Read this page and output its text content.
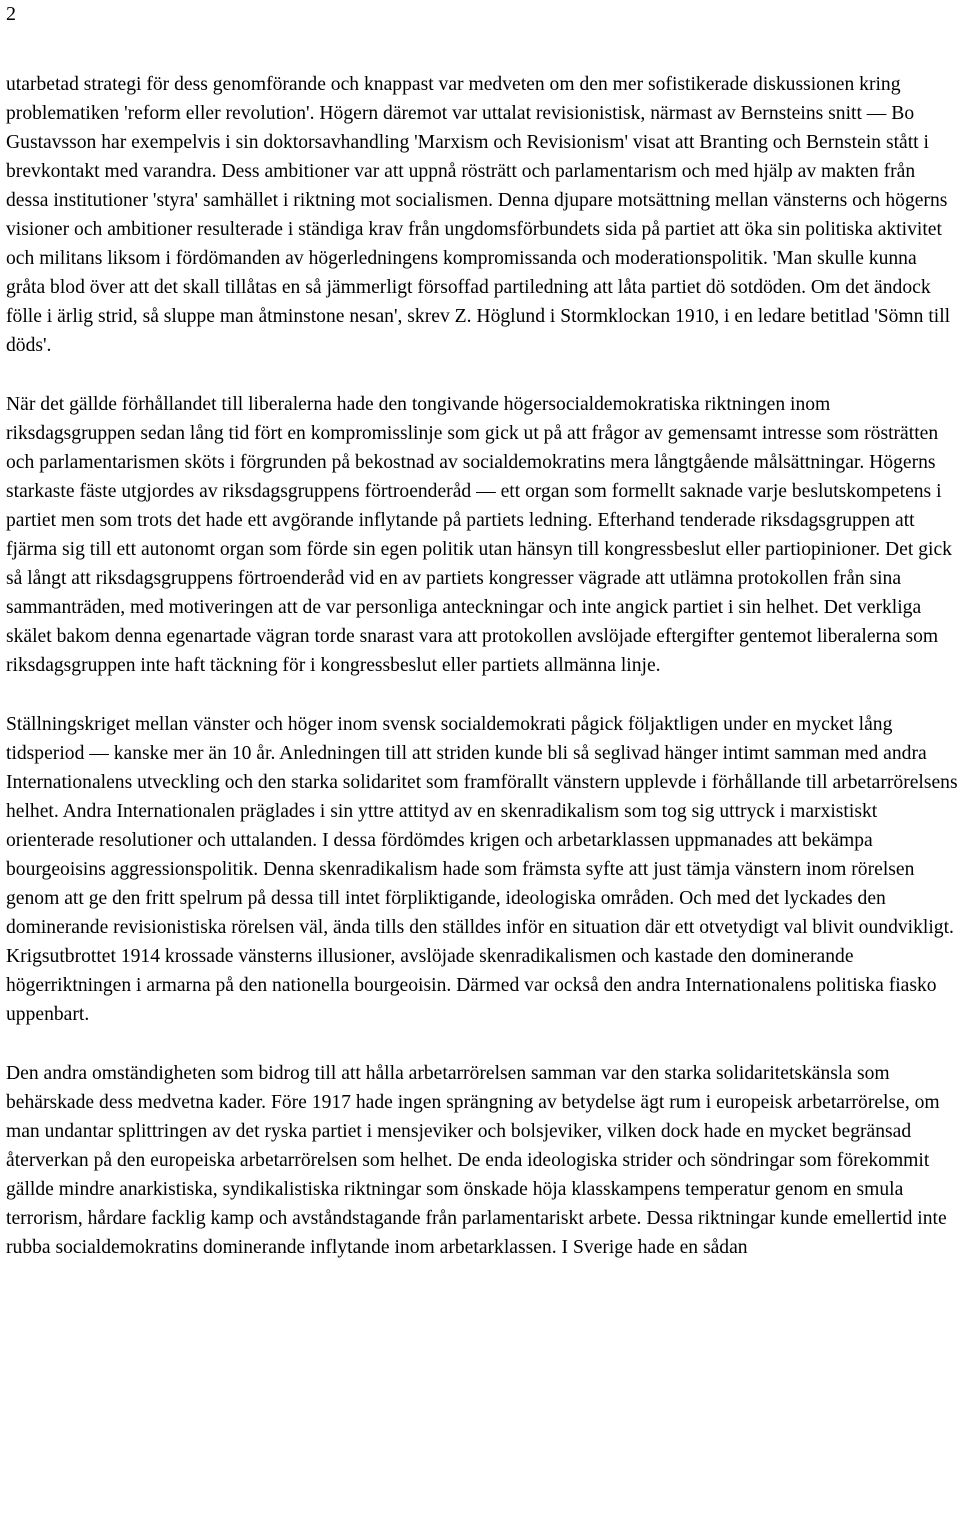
2

utarbetad strategi för dess genomförande och knappast var medveten om den mer sofistikerade diskussionen kring problematiken 'reform eller revolution'. Högern däremot var uttalat revisionistisk, närmast av Bernsteins snitt — Bo Gustavsson har exempelvis i sin doktorsavhandling 'Marxism och Revisionism' visat att Branting och Bernstein stått i brevkontakt med varandra. Dess ambitioner var att uppnå rösträtt och parlamentarism och med hjälp av makten från dessa institutioner 'styra' samhället i riktning mot socialismen. Denna djupare motsättning mellan vänsterns och högerns visioner och ambitioner resulterade i ständiga krav från ungdomsförbundets sida på partiet att öka sin politiska aktivitet och militans liksom i fördömanden av högerledningens kompromissanda och moderationspolitik. 'Man skulle kunna gråta blod över att det skall tillåtas en så jämmerligt försoffad partiledning att låta partiet dö sotdöden. Om det ändock fölle i ärlig strid, så sluppe man åtminstone nesan', skrev Z. Höglund i Stormklockan 1910, i en ledare betitlad 'Sömn till döds'.

När det gällde förhållandet till liberalerna hade den tongivande högersocialdemokratiska riktningen inom riksdagsgruppen sedan lång tid fört en kompromisslinje som gick ut på att frågor av gemensamt intresse som rösträtten och parlamentarismen sköts i förgrunden på bekostnad av socialdemokratins mera långtgående målsättningar. Högerns starkaste fäste utgjordes av riksdagsgruppens förtroenderåd — ett organ som formellt saknade varje beslutskompetens i partiet men som trots det hade ett avgörande inflytande på partiets ledning. Efterhand tenderade riksdagsgruppen att fjärma sig till ett autonomt organ som förde sin egen politik utan hänsyn till kongressbeslut eller partiopinioner. Det gick så långt att riksdagsgruppens förtroenderåd vid en av partiets kongresser vägrade att utlämna protokollen från sina sammanträden, med motiveringen att de var personliga anteckningar och inte angick partiet i sin helhet. Det verkliga skälet bakom denna egenartade vägran torde snarast vara att protokollen avslöjade eftergifter gentemot liberalerna som riksdagsgruppen inte haft täckning för i kongressbeslut eller partiets allmänna linje.

Ställningskriget mellan vänster och höger inom svensk socialdemokrati pågick följaktligen under en mycket lång tidsperiod — kanske mer än 10 år. Anledningen till att striden kunde bli så seglivad hänger intimt samman med andra Internationalens utveckling och den starka solidaritet som framförallt vänstern upplevde i förhållande till arbetarrörelsens helhet. Andra Internationalen präglades i sin yttre attityd av en skenradikalism som tog sig uttryck i marxistiskt orienterade resolutioner och uttalanden. I dessa fördömdes krigen och arbetarklassen uppmanades att bekämpa bourgeoisins aggressionspolitik. Denna skenradikalism hade som främsta syfte att just tämja vänstern inom rörelsen genom att ge den fritt spelrum på dessa till intet förpliktigande, ideologiska områden. Och med det lyckades den dominerande revisionistiska rörelsen väl, ända tills den ställdes inför en situation där ett otvetydigt val blivit oundvikligt. Krigsutbrottet 1914 krossade vänsterns illusioner, avslöjade skenradikalismen och kastade den dominerande högerriktningen i armarna på den nationella bourgeoisin. Därmed var också den andra Internationalens politiska fiasko uppenbart.

Den andra omständigheten som bidrog till att hålla arbetarrörelsen samman var den starka solidaritetskänsla som behärskade dess medvetna kader. Före 1917 hade ingen sprängning av betydelse ägt rum i europeisk arbetarrörelse, om man undantar splittringen av det ryska partiet i mensjeviker och bolsjeviker, vilken dock hade en mycket begränsad återverkan på den europeiska arbetarrörelsen som helhet. De enda ideologiska strider och söndringar som förekommit gällde mindre anarkistiska, syndikalistiska riktningar som önskade höja klasskampens temperatur genom en smula terrorism, hårdare facklig kamp och avståndstagande från parlamentariskt arbete. Dessa riktningar kunde emellertid inte rubba socialdemokratins dominerande inflytande inom arbetarklassen. I Sverige hade en sådan
